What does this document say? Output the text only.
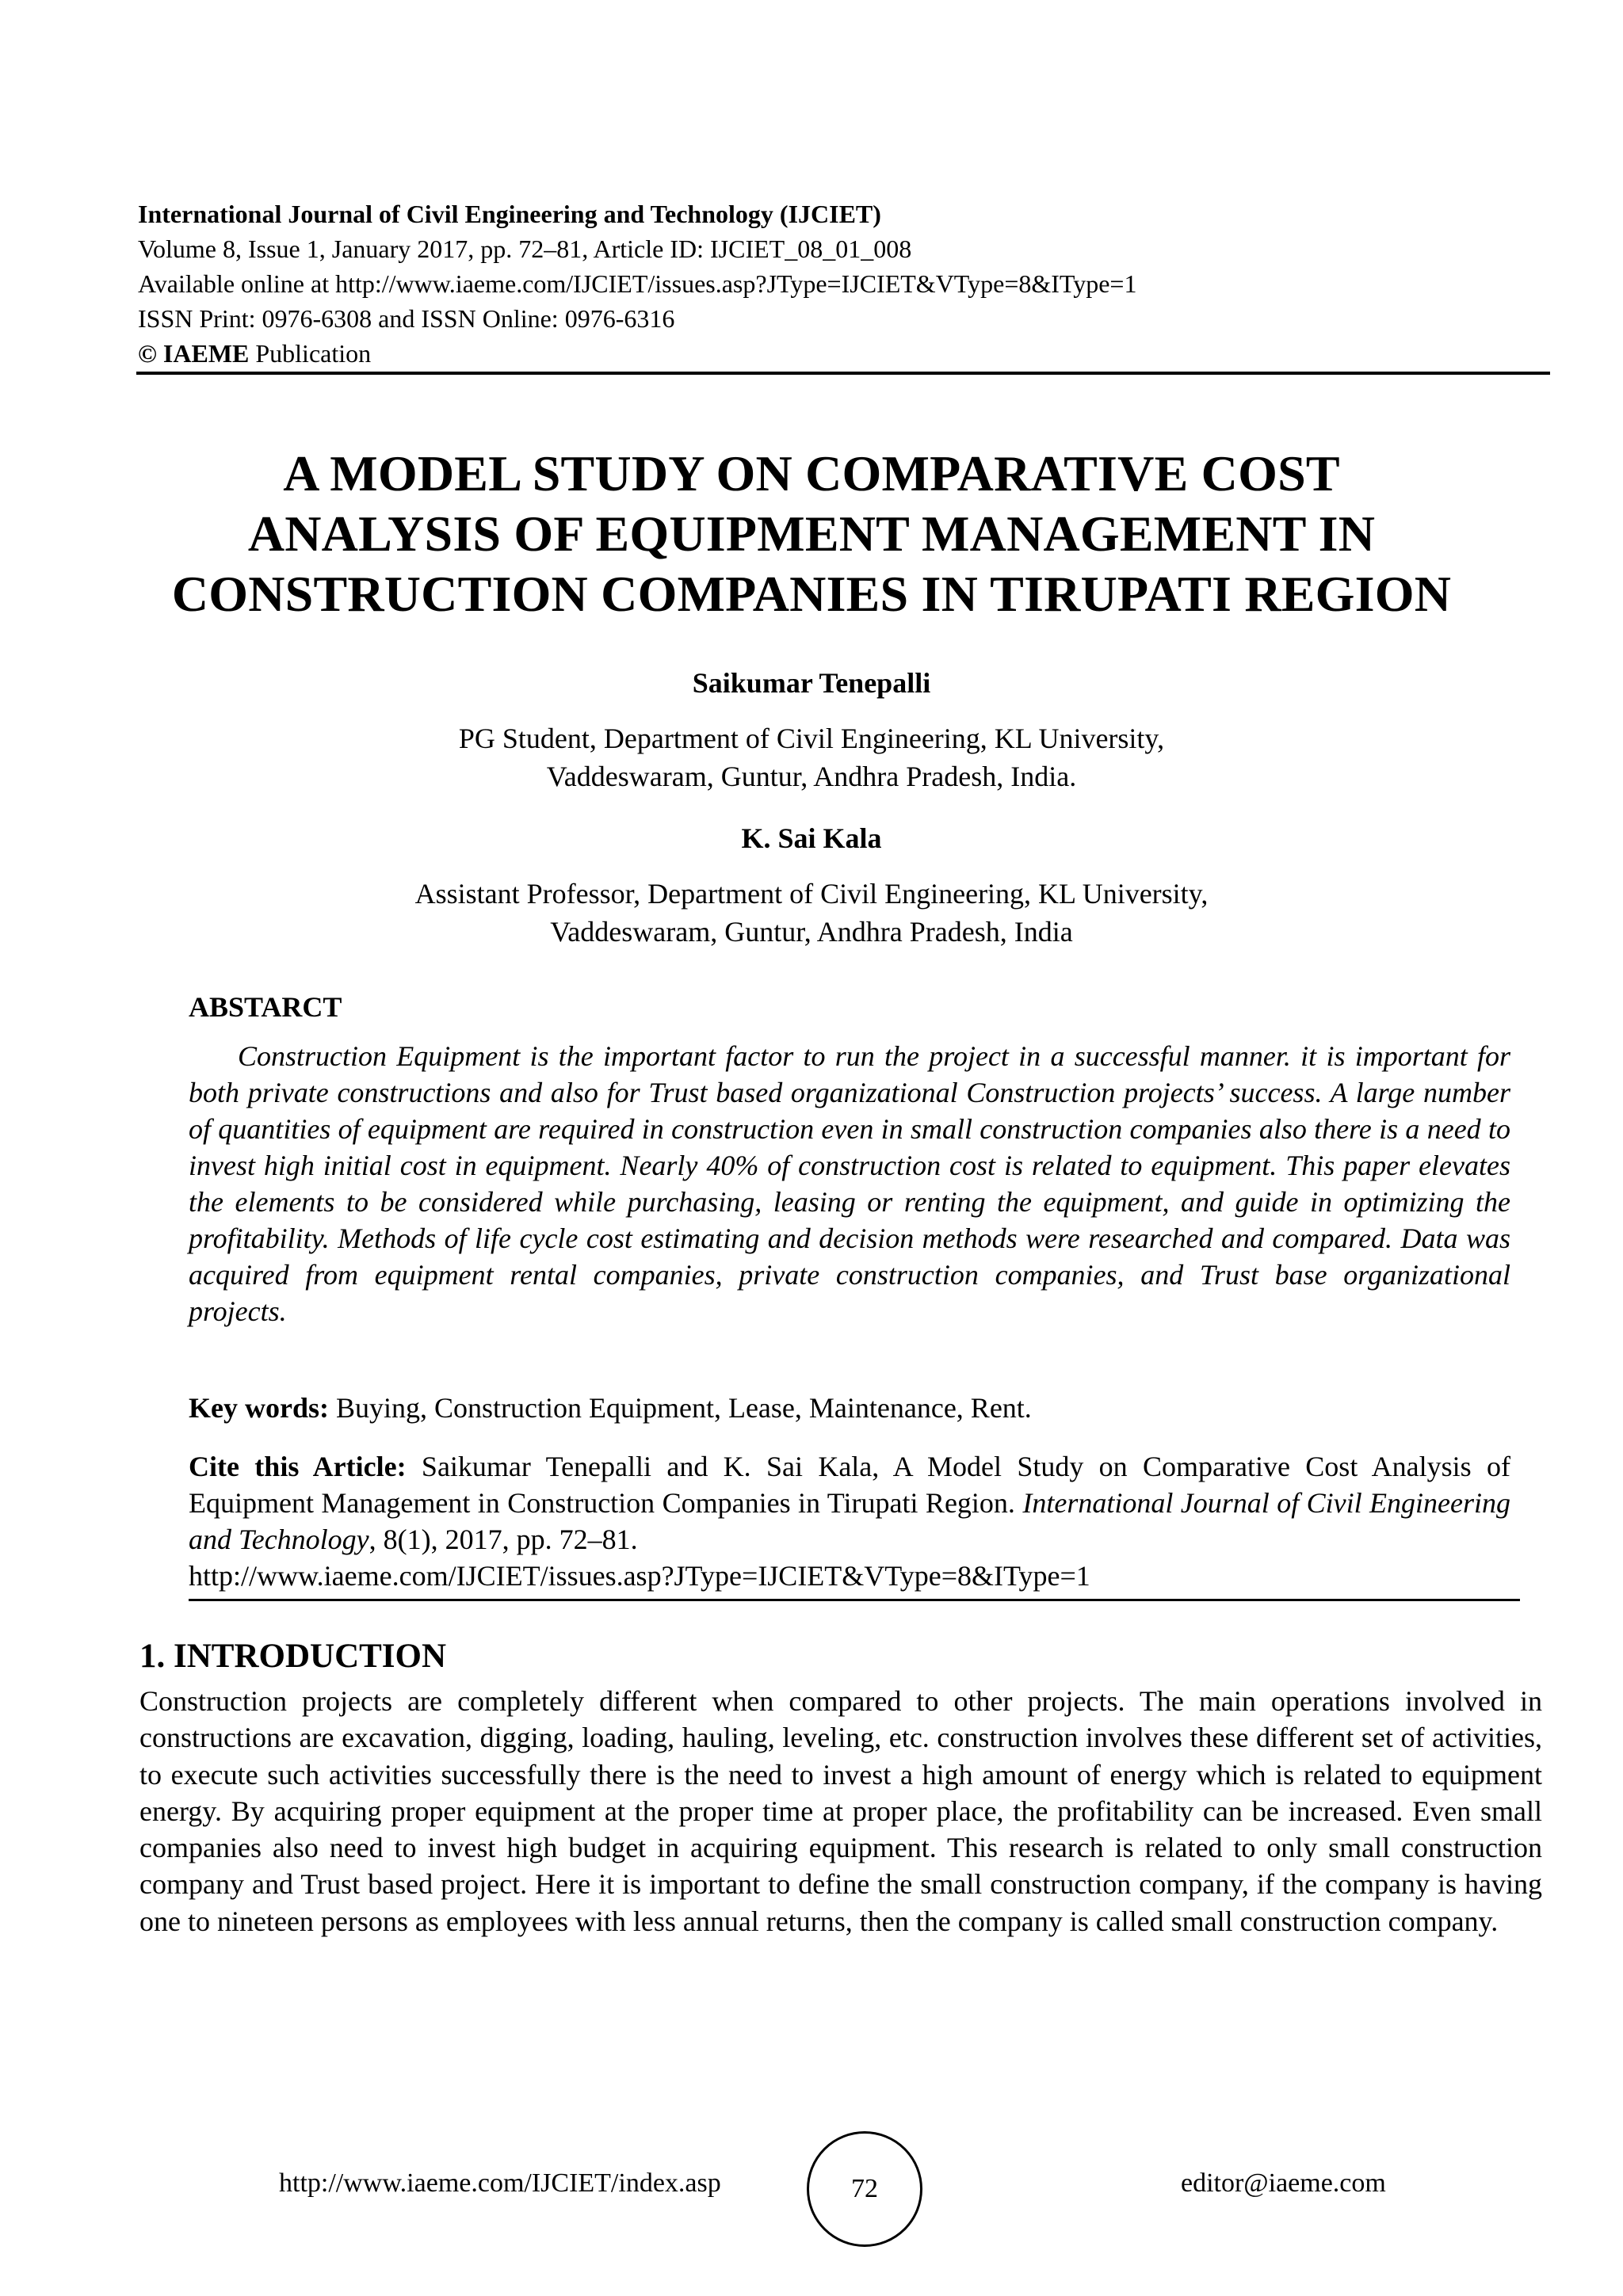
International Journal of Civil Engineering and Technology (IJCIET)
Volume 8, Issue 1, January 2017, pp. 72–81, Article ID: IJCIET_08_01_008
Available online at http://www.iaeme.com/IJCIET/issues.asp?JType=IJCIET&VType=8&IType=1
ISSN Print: 0976-6308 and ISSN Online: 0976-6316
© IAEME Publication
A MODEL STUDY ON COMPARATIVE COST
ANALYSIS OF EQUIPMENT MANAGEMENT IN
CONSTRUCTION COMPANIES IN TIRUPATI REGION
Saikumar Tenepalli
PG Student, Department of Civil Engineering, KL University,
Vaddeswaram, Guntur, Andhra Pradesh, India.
K. Sai Kala
Assistant Professor, Department of Civil Engineering, KL University,
Vaddeswaram, Guntur, Andhra Pradesh, India
ABSTARCT
Construction Equipment is the important factor to run the project in a successful manner. it is important for both private constructions and also for Trust based organizational Construction projects’ success. A large number of quantities of equipment are required in construction even in small construction companies also there is a need to invest high initial cost in equipment. Nearly 40% of construction cost is related to equipment. This paper elevates the elements to be considered while purchasing, leasing or renting the equipment, and guide in optimizing the profitability. Methods of life cycle cost estimating and decision methods were researched and compared. Data was acquired from equipment rental companies, private construction companies, and Trust base organizational projects.
Key words: Buying, Construction Equipment, Lease, Maintenance, Rent.
Cite this Article: Saikumar Tenepalli and K. Sai Kala, A Model Study on Comparative Cost Analysis of Equipment Management in Construction Companies in Tirupati Region. International Journal of Civil Engineering and Technology, 8(1), 2017, pp. 72–81.
http://www.iaeme.com/IJCIET/issues.asp?JType=IJCIET&VType=8&IType=1
1. INTRODUCTION
Construction projects are completely different when compared to other projects. The main operations involved in constructions are excavation, digging, loading, hauling, leveling, etc. construction involves these different set of activities, to execute such activities successfully there is the need to invest a high amount of energy which is related to equipment energy. By acquiring proper equipment at the proper time at proper place, the profitability can be increased. Even small companies also need to invest high budget in acquiring equipment. This research is related to only small construction company and Trust based project. Here it is important to define the small construction company, if the company is having one to nineteen persons as employees with less annual returns, then the company is called small construction company.
http://www.iaeme.com/IJCIET/index.asp	72	editor@iaeme.com
